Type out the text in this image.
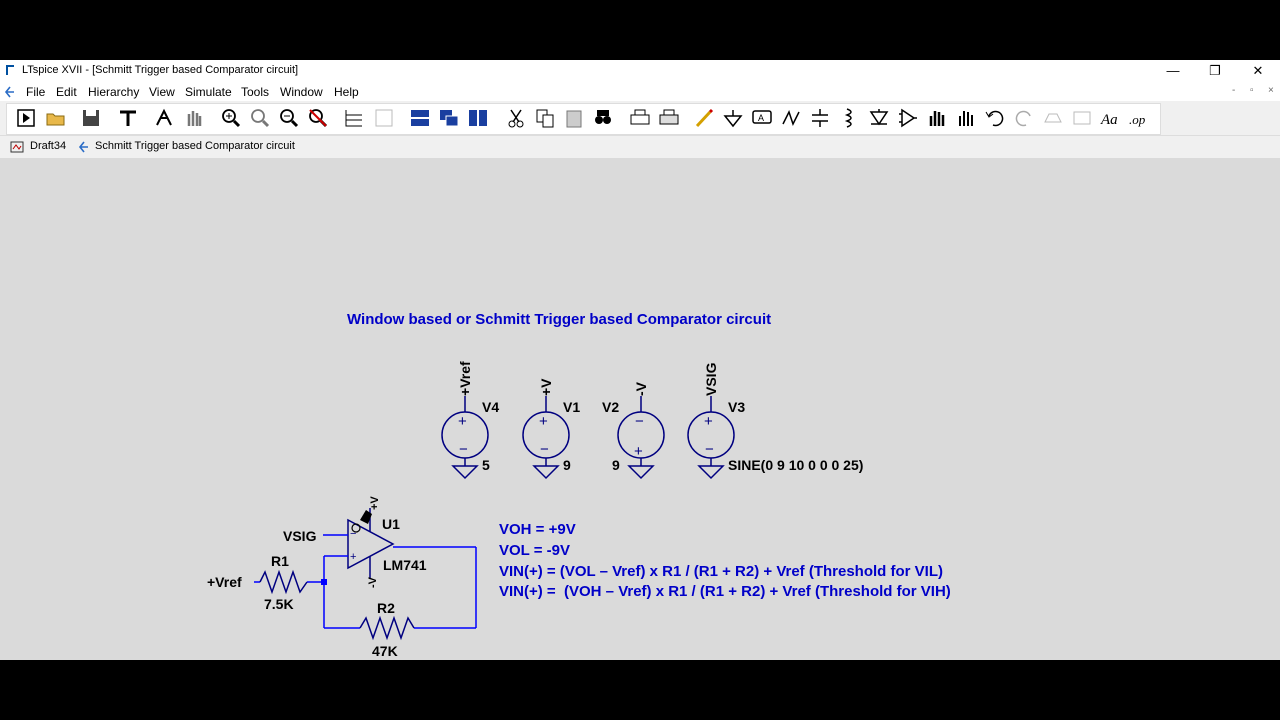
LTspice XVII - [Schmitt Trigger based Comparator circuit]	—	❐	✕
File Edit Hierarchy View Simulate Tools Window Help	- ▫ ×
A	Aa .op
Draft34	Schmitt Trigger based Comparator circuit
Window based or Schmitt Trigger based Comparator circuit
+
−
+Vref
V4
5
+
−
+V
V1
9
−
+
-V
V2
9
+
−
VSIG
V3
SINE(0 9 10 0 0 0 25)
−
+
+V
-V
U1
LM741
R1
7.5K	R2
47K
VSIG
+Vref
.tran 1
VOH = +9V
VOL = -9V
VIN(+) = (VOL – Vref) x R1 / (R1 + R2) + Vref (Threshold for VIL)
VIN(+) =  (VOH – Vref) x R1 / (R1 + R2) + Vref (Threshold for VIH)
